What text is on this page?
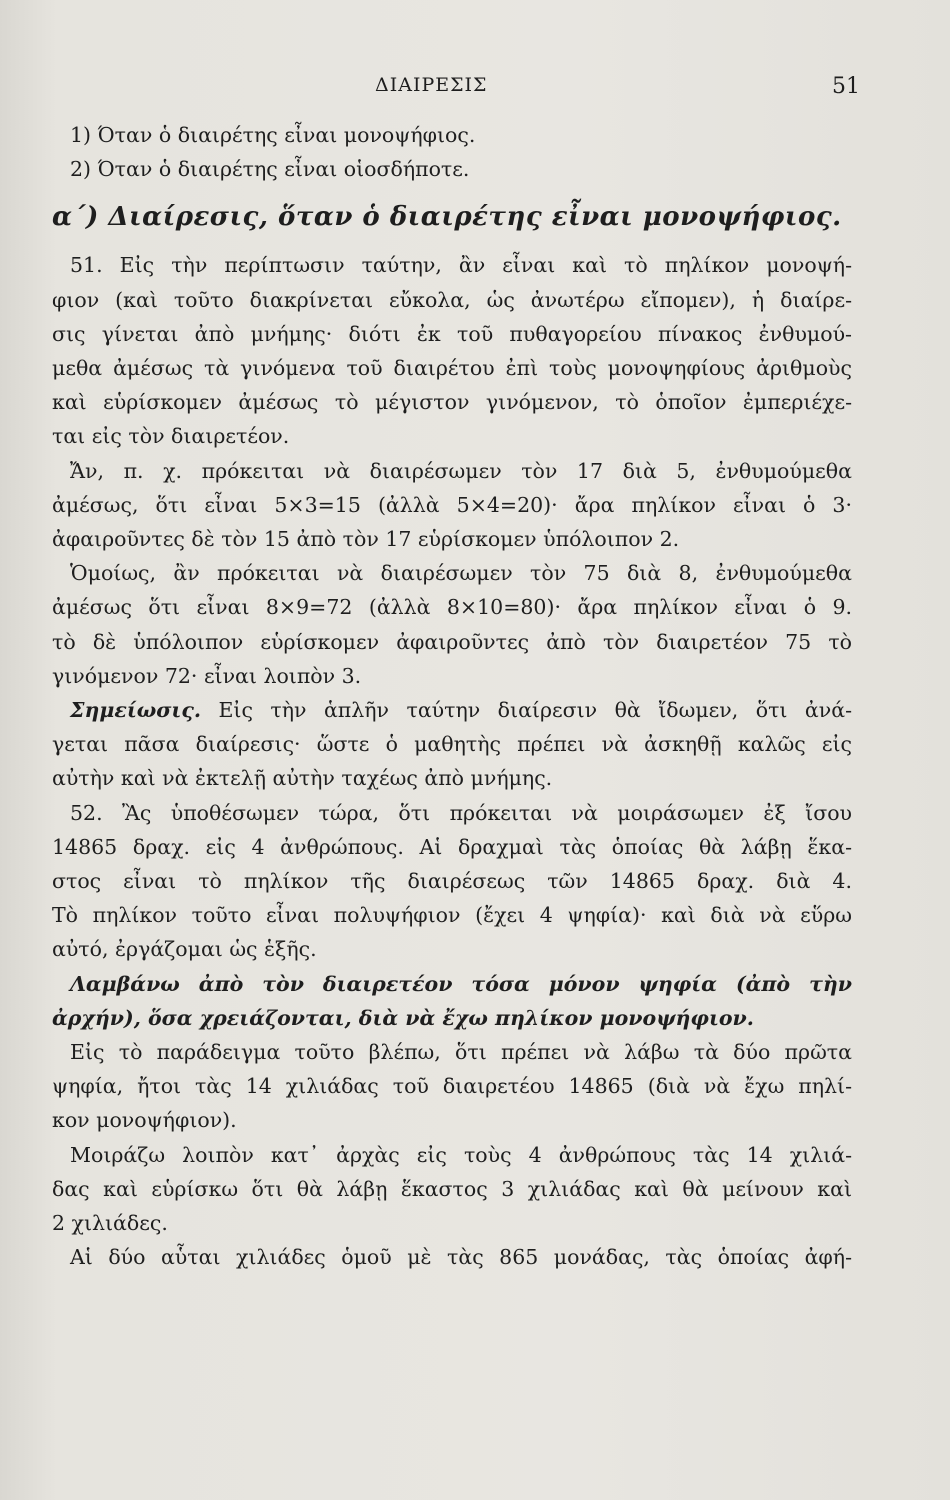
ΔΙΑΙΡΕΣΙΣ	51
1) Όταν ὁ διαιρέτης εἶναι μονοψήφιος.
2) Όταν ὁ διαιρέτης εἶναι οἱοσδήποτε.
α΄) Διαίρεσις, ὅταν ὁ διαιρέτης εἶναι μονοψήφιος.
51. Εἰς τὴν περίπτωσιν ταύτην, ἂν εἶναι καὶ τὸ πηλίκον μονοψή-
φιον (καὶ τοῦτο διακρίνεται εὔκολα, ὡς ἀνωτέρω εἴπομεν), ἡ διαίρε-
σις γίνεται ἀπὸ μνήμης· διότι ἐκ τοῦ πυθαγορείου πίνακος ἐνθυμού-
μεθα ἀμέσως τὰ γινόμενα τοῦ διαιρέτου ἐπὶ τοὺς μονοψηφίους ἀριθμοὺς
καὶ εὑρίσκομεν ἀμέσως τὸ μέγιστον γινόμενον, τὸ ὁποῖον ἐμπεριέχε-
ται εἰς τὸν διαιρετέον.
Ἄν, π. χ. πρόκειται νὰ διαιρέσωμεν τὸν 17 διὰ 5, ἐνθυμούμεθα
ἀμέσως, ὅτι εἶναι 5×3=15 (ἀλλὰ 5×4=20)· ἄρα πηλίκον εἶναι ὁ 3·
ἀφαιροῦντες δὲ τὸν 15 ἀπὸ τὸν 17 εὑρίσκομεν ὑπόλοιπον 2.
Ὁμοίως, ἂν πρόκειται νὰ διαιρέσωμεν τὸν 75 διὰ 8, ἐνθυμούμεθα
ἀμέσως ὅτι εἶναι 8×9=72 (ἀλλὰ 8×10=80)· ἄρα πηλίκον εἶναι ὁ 9.
τὸ δὲ ὑπόλοιπον εὑρίσκομεν ἀφαιροῦντες ἀπὸ τὸν διαιρετέον 75 τὸ
γινόμενον 72· εἶναι λοιπὸν 3.
Σημείωσις. Εἰς τὴν ἁπλῆν ταύτην διαίρεσιν θὰ ἴδωμεν, ὅτι ἀνά-
γεται πᾶσα διαίρεσις· ὥστε ὁ μαθητὴς πρέπει νὰ ἀσκηθῇ καλῶς εἰς
αὐτὴν καὶ νὰ ἐκτελῇ αὐτὴν ταχέως ἀπὸ μνήμης.
52. Ἂς ὑποθέσωμεν τώρα, ὅτι πρόκειται νὰ μοιράσωμεν ἐξ ἴσου
14865 δραχ. εἰς 4 ἀνθρώπους. Αἱ δραχμαὶ τὰς ὁποίας θὰ λάβῃ ἕκα-
στος εἶναι τὸ πηλίκον τῆς διαιρέσεως τῶν 14865 δραχ. διὰ 4.
Τὸ πηλίκον τοῦτο εἶναι πολυψήφιον (ἔχει 4 ψηφία)· καὶ διὰ νὰ εὕρω
αὐτό, ἐργάζομαι ὡς ἑξῆς.
Λαμβάνω ἀπὸ τὸν διαιρετέον τόσα μόνον ψηφία (ἀπὸ τὴν
ἀρχήν), ὅσα χρειάζονται, διὰ νὰ ἔχω πηλίκον μονοψήφιον.
Εἰς τὸ παράδειγμα τοῦτο βλέπω, ὅτι πρέπει νὰ λάβω τὰ δύο πρῶτα
ψηφία, ἤτοι τὰς 14 χιλιάδας τοῦ διαιρετέου 14865 (διὰ νὰ ἔχω πηλί-
κον μονοψήφιον).
Μοιράζω λοιπὸν κατ᾿ ἀρχὰς εἰς τοὺς 4 ἀνθρώπους τὰς 14 χιλιά-
δας καὶ εὑρίσκω ὅτι θὰ λάβῃ ἕκαστος 3 χιλιάδας καὶ θὰ μείνουν καὶ
2 χιλιάδες.
Αἱ δύο αὗται χιλιάδες ὁμοῦ μὲ τὰς 865 μονάδας, τὰς ὁποίας ἀφή-
